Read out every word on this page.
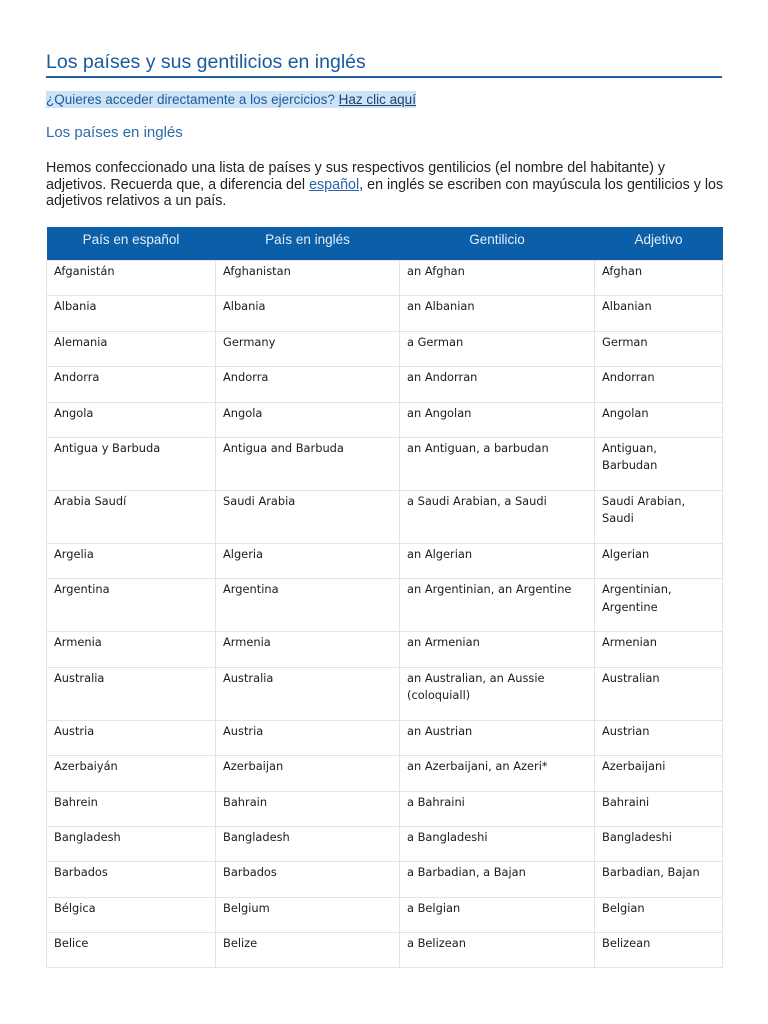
Los países y sus gentilicios en inglés
¿Quieres acceder directamente a los ejercicios? Haz clic aquí
Los países en inglés

Hemos confeccionado una lista de países y sus respectivos gentilicios (el nombre del habitante) y adjetivos. Recuerda que, a diferencia del español, en inglés se escriben con mayúscula los gentilicios y los adjetivos relativos a un país.

País en español	País en inglés	Gentilicio	Adjetivo
Afganistán	Afghanistan	an Afghan	Afghan
Albania	Albania	an Albanian	Albanian
Alemania	Germany	a German	German
Andorra	Andorra	an Andorran	Andorran
Angola	Angola	an Angolan	Angolan
Antigua y Barbuda	Antigua and Barbuda	an Antiguan, a barbudan	Antiguan, Barbudan
Arabia Saudí	Saudi Arabia	a Saudi Arabian, a Saudi	Saudi Arabian, Saudi
Argelia	Algeria	an Algerian	Algerian
Argentina	Argentina	an Argentinian, an Argentine	Argentinian, Argentine
Armenia	Armenia	an Armenian	Armenian
Australia	Australia	an Australian, an Aussie (coloquiall)	Australian
Austria	Austria	an Austrian	Austrian
Azerbaiyán	Azerbaijan	an Azerbaijani, an Azeri*	Azerbaijani
Bahrein	Bahrain	a Bahraini	Bahraini
Bangladesh	Bangladesh	a Bangladeshi	Bangladeshi
Barbados	Barbados	a Barbadian, a Bajan	Barbadian, Bajan
Bélgica	Belgium	a Belgian	Belgian
Belice	Belize	a Belizean	Belizean
